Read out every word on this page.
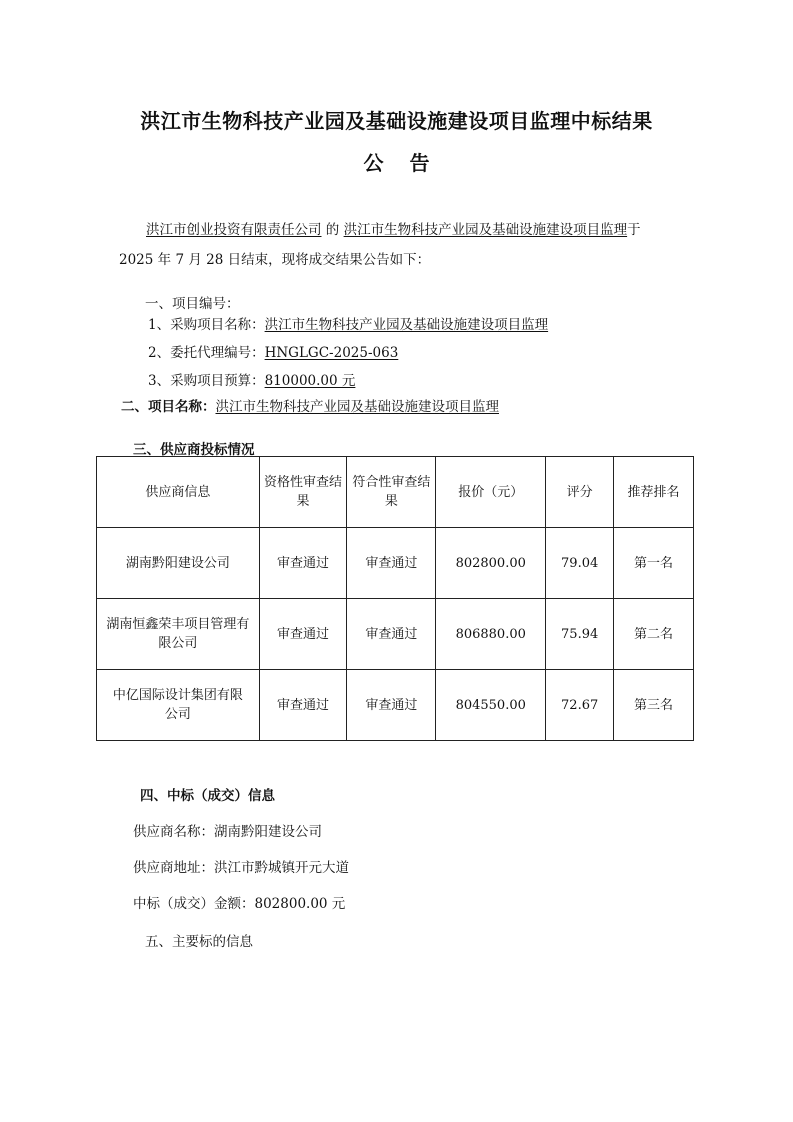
洪江市生物科技产业园及基础设施建设项目监理中标结果
公告
洪江市创业投资有限责任公司 的 洪江市生物科技产业园及基础设施建设项目监理于
2025 年 7 月 28 日结束，现将成交结果公告如下：
一、项目编号：
1、采购项目名称：洪江市生物科技产业园及基础设施建设项目监理
2、委托代理编号：HNGLGC-2025-063
3、采购项目预算：810000.00 元
二、项目名称：洪江市生物科技产业园及基础设施建设项目监理
三、供应商投标情况
供应商信息	资格性审查结果	符合性审查结果	报价（元）	评分	推荐排名
湖南黔阳建设公司	审查通过	审查通过	802800.00	79.04	第一名
湖南恒鑫荣丰项目管理有限公司	审查通过	审查通过	806880.00	75.94	第二名
中亿国际设计集团有限公司	审查通过	审查通过	804550.00	72.67	第三名
四、中标（成交）信息
供应商名称：湖南黔阳建设公司
供应商地址：洪江市黔城镇开元大道
中标（成交）金额：802800.00 元
五、主要标的信息
